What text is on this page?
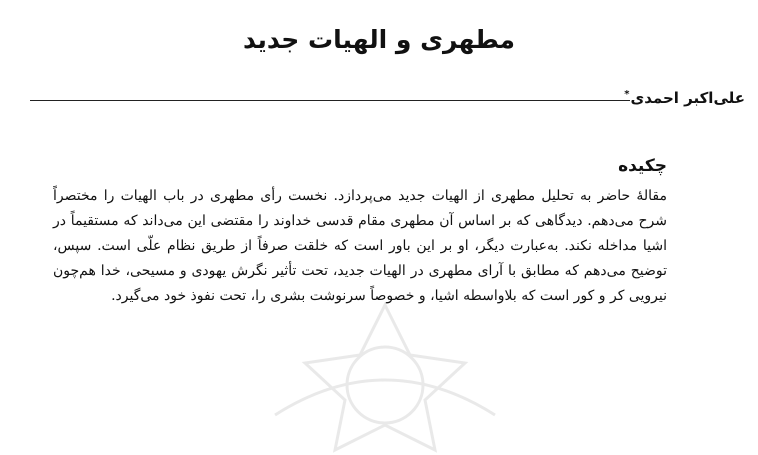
مطهری و الهیات جدید
علی‌اکبر احمدی*
چکیده

مقالهٔ حاضر به تحلیل مطهری از الهیات جدید می‌پردازد. نخست رأی مطهری در باب الهیات را مختصراً شرح می‌دهم. دیدگاهی که بر اساس آن مطهری مقام قدسی خداوند را مقتضی این می‌داند که مستقیماً در اشیا مداخله نکند. به‌عبارت دیگر، او بر این باور است که خلقت صرفاً از طریق نظام علّی است. سپس، توضیح می‌دهم که مطابق با آرای مطهری در الهیات جدید، تحت تأثیر نگرش یهودی و مسیحی، خدا هم‌چون نیرویی کر و کور است که بلاواسطه اشیا، و خصوصاً سرنوشت بشری را، تحت نفوذ خود می‌گیرد.
